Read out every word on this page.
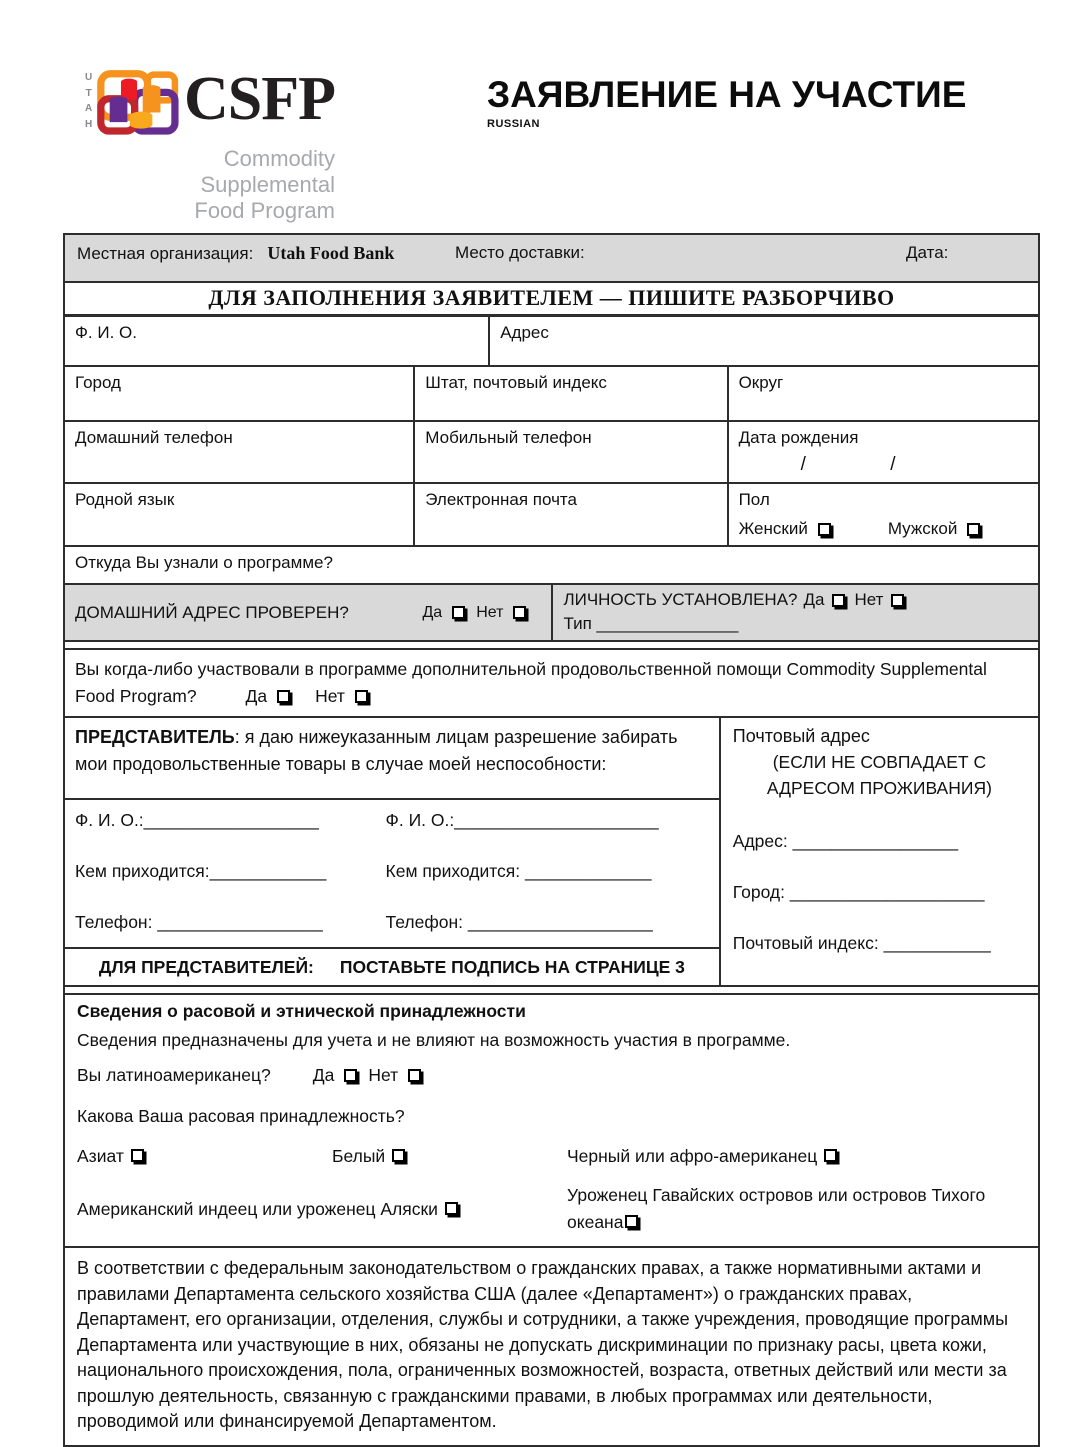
U
T
A
H CSFP
Commodity Supplemental
Food Program
ЗАЯВЛЕНИЕ НА УЧАСТИЕ
RUSSIAN
Местная организация: Utah Food Bank	Место доставки:	Дата:
ДЛЯ ЗАПОЛНЕНИЯ ЗАЯВИТЕЛЕМ — ПИШИТЕ РАЗБОРЧИВО
Ф. И. О.	Адрес
Город	Штат, почтовый индекс	Округ
Домашний телефон	Мобильный телефон	Дата рождения
/                /
Родной язык	Электронная почта	Пол
Женский	Мужской
Откуда Вы узнали о программе?
ДОМАШНИЙ АДРЕС ПРОВЕРЕН?	Да Нет
ЛИЧНОСТЬ УСТАНОВЛЕНА? Да Нет
Тип _______________
Вы когда-либо участвовали в программе дополнительной продовольственной помощи Commodity Supplemental Food Program?	Да	Нет
ПРЕДСТАВИТЕЛЬ: я даю нижеуказанным лицам разрешение забирать мои продовольственные товары в случае моей неспособности:
Ф. И. О.:__________________	Ф. И. О.:_____________________
Кем приходится:____________	Кем приходится: _____________
Телефон: _________________	Телефон: ___________________
ДЛЯ ПРЕДСТАВИТЕЛЕЙ: ПОСТАВЬТЕ ПОДПИСЬ НА СТРАНИЦЕ 3
Почтовый адрес
(ЕСЛИ НЕ СОВПАДАЕТ С АДРЕСОМ ПРОЖИВАНИЯ)
Адрес: _________________
Город: ____________________
Почтовый индекс: ___________
Сведения о расовой и этнической принадлежности
Сведения предназначены для учета и не влияют на возможность участия в программе.
Вы латиноамериканец? Да Нет
Какова Ваша расовая принадлежность?
Азиат	Белый	Черный или афро-американец
Американский индеец или уроженец Аляски
Уроженец Гавайских островов или островов Тихого океана
В соответствии с федеральным законодательством о гражданских правах, а также нормативными актами и правилами Департамента сельского хозяйства США (далее «Департамент») о гражданских правах, Департамент, его организации, отделения, службы и сотрудники, а также учреждения, проводящие программы Департамента или участвующие в них, обязаны не допускать дискриминации по признаку расы, цвета кожи, национального происхождения, пола, ограниченных возможностей, возраста, ответных действий или мести за прошлую деятельность, связанную с гражданскими правами, в любых программах или деятельности, проводимой или финансируемой Департаментом.
